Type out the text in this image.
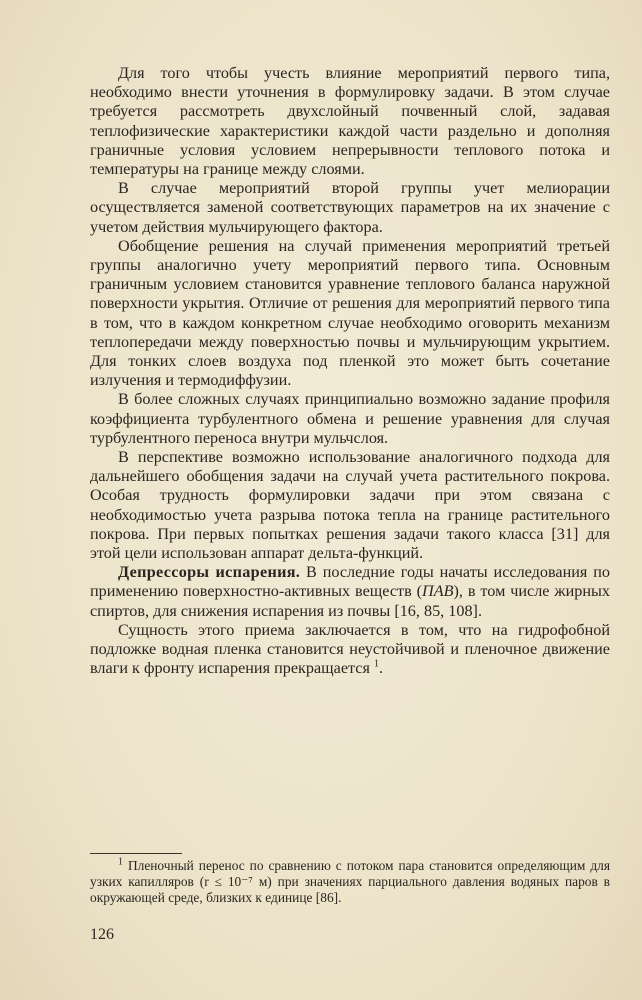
Для того чтобы учесть влияние мероприятий первого типа, необходимо внести уточнения в формулировку задачи. В этом случае требуется рассмотреть двухслойный почвенный слой, задавая теплофизические характеристики каждой части раздельно и дополняя граничные условия условием непрерывности теплового потока и температуры на границе между слоями.

В случае мероприятий второй группы учет мелиорации осуществляется заменой соответствующих параметров на их значение с учетом действия мульчирующего фактора.

Обобщение решения на случай применения мероприятий третьей группы аналогично учету мероприятий первого типа. Основным граничным условием становится уравнение теплового баланса наружной поверхности укрытия. Отличие от решения для мероприятий первого типа в том, что в каждом конкретном случае необходимо оговорить механизм теплопередачи между поверхностью почвы и мульчирующим укрытием. Для тонких слоев воздуха под пленкой это может быть сочетание излучения и термодиффузии.

В более сложных случаях принципиально возможно задание профиля коэффициента турбулентного обмена и решение уравнения для случая турбулентного переноса внутри мульчслоя.

В перспективе возможно использование аналогичного подхода для дальнейшего обобщения задачи на случай учета растительного покрова. Особая трудность формулировки задачи при этом связана с необходимостью учета разрыва потока тепла на границе растительного покрова. При первых попытках решения задачи такого класса [31] для этой цели использован аппарат дельта-функций.

Депрессоры испарения. В последние годы начаты исследования по применению поверхностно-активных веществ (ПАВ), в том числе жирных спиртов, для снижения испарения из почвы [16, 85, 108].

Сущность этого приема заключается в том, что на гидрофобной подложке водная пленка становится неустойчивой и пленочное движение влаги к фронту испарения прекращается $^1$.

$^1$ Пленочный перенос по сравнению с потоком пара становится определяющим для узких капилляров (r ≤ 10⁻⁷ м) при значениях парциального давления водяных паров в окружающей среде, близких к единице [86].

126
